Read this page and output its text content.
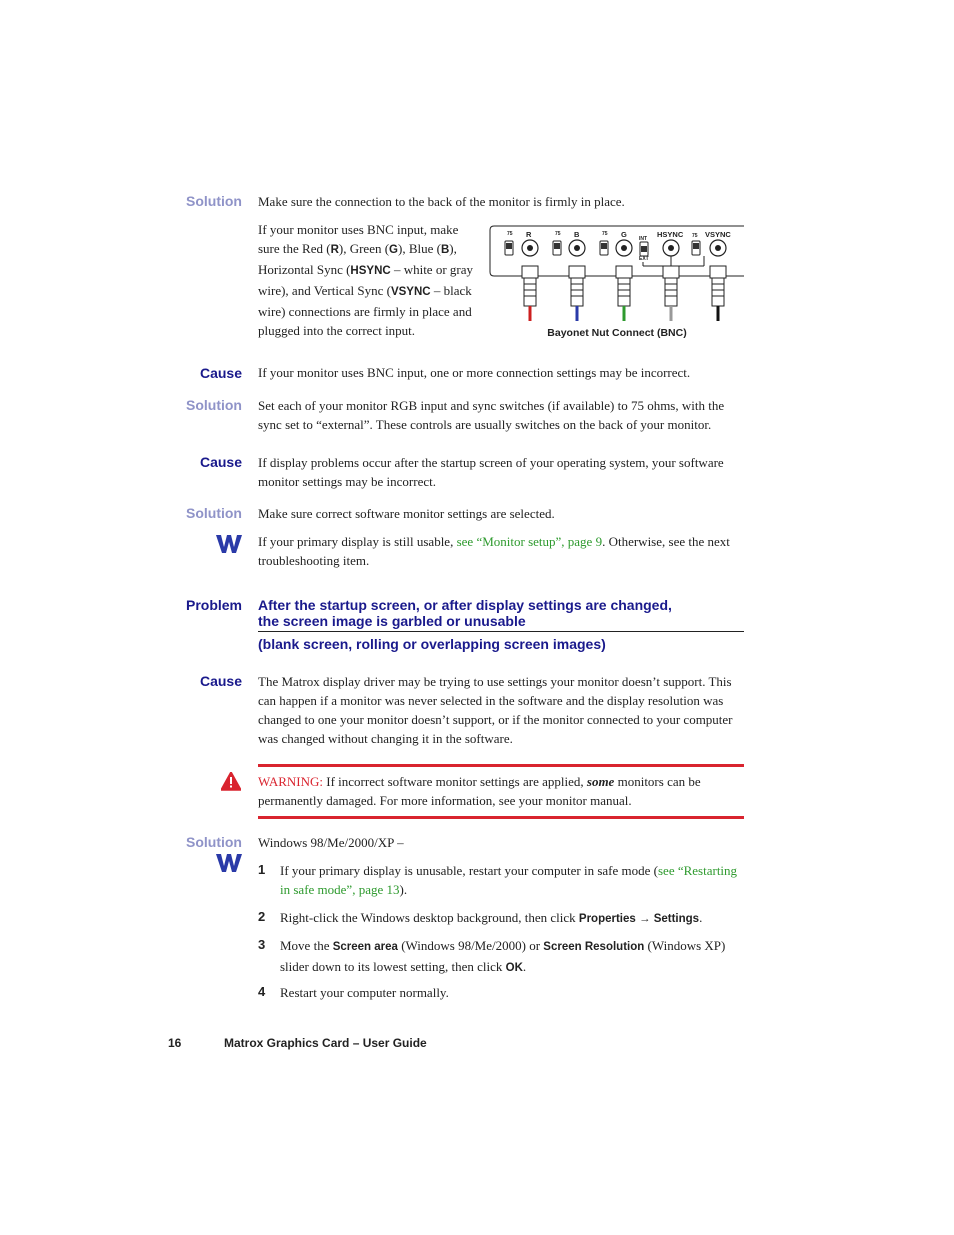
Solution Make sure the connection to the back of the monitor is firmly in place.
If your monitor uses BNC input, make sure the Red (R), Green (G), Blue (B), Horizontal Sync (HSYNC – white or gray wire), and Vertical Sync (VSYNC – black wire) connections are firmly in place and plugged into the correct input.
75 R	75 B	75 G INT
EXT
HSYNC 75 VSYNC
Bayonet Nut Connect (BNC)
Cause If your monitor uses BNC input, one or more connection settings may be incorrect.
Solution Set each of your monitor RGB input and sync switches (if available) to 75 ohms, with the sync set to “external”. These controls are usually switches on the back of your monitor.
Cause If display problems occur after the startup screen of your operating system, your software monitor settings may be incorrect.
Solution Make sure correct software monitor settings are selected.
If your primary display is still usable, see “Monitor setup”, page 9. Otherwise, see the next troubleshooting item.
Problem After the startup screen, or after display settings are changed,
the screen image is garbled or unusable
(blank screen, rolling or overlapping screen images)
Cause The Matrox display driver may be trying to use settings your monitor doesn’t support. This can happen if a monitor was never selected in the software and the display resolution was changed to one your monitor doesn’t support, or if the monitor connected to your computer was changed without changing it in the software.
WARNING: If incorrect software monitor settings are applied, some monitors can be permanently damaged. For more information, see your monitor manual.
Solution Windows 98/Me/2000/XP –
1 If your primary display is unusable, restart your computer in safe mode (see “Restarting in safe mode”, page 13).
2 Right-click the Windows desktop background, then click Properties → Settings.
3 Move the Screen area (Windows 98/Me/2000) or Screen Resolution (Windows XP) slider down to its lowest setting, then click OK.
4 Restart your computer normally.
16	Matrox Graphics Card – User Guide
